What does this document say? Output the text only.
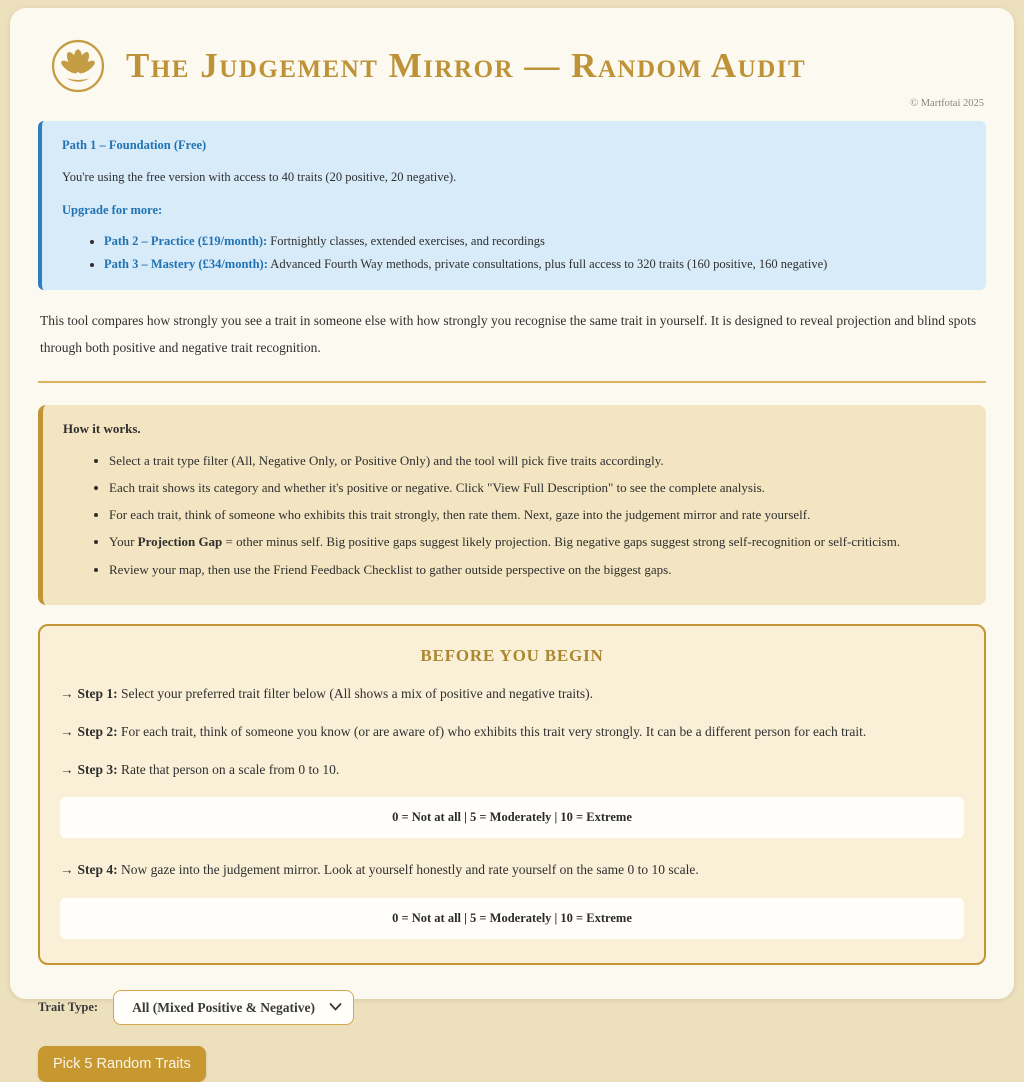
The Judgement Mirror — Random Audit
© Martfotai 2025
Path 1 – Foundation (Free)
You're using the free version with access to 40 traits (20 positive, 20 negative).
Upgrade for more:
• Path 2 – Practice (£19/month): Fortnightly classes, extended exercises, and recordings
• Path 3 – Mastery (£34/month): Advanced Fourth Way methods, private consultations, plus full access to 320 traits (160 positive, 160 negative)

This tool compares how strongly you see a trait in someone else with how strongly you recognise the same trait in yourself. It is designed to reveal projection and blind spots through both positive and negative trait recognition.

How it works.
• Select a trait type filter (All, Negative Only, or Positive Only) and the tool will pick five traits accordingly.
• Each trait shows its category and whether it's positive or negative. Click "View Full Description" to see the complete analysis.
• For each trait, think of someone who exhibits this trait strongly, then rate them. Next, gaze into the judgement mirror and rate yourself.
• Your Projection Gap = other minus self. Big positive gaps suggest likely projection. Big negative gaps suggest strong self-recognition or self-criticism.
• Review your map, then use the Friend Feedback Checklist to gather outside perspective on the biggest gaps.
BEFORE YOU BEGIN
→ Step 1: Select your preferred trait filter below (All shows a mix of positive and negative traits).
→ Step 2: For each trait, think of someone you know (or are aware of) who exhibits this trait very strongly. It can be a different person for each trait.
→ Step 3: Rate that person on a scale from 0 to 10.
0 = Not at all | 5 = Moderately | 10 = Extreme
→ Step 4: Now gaze into the judgement mirror. Look at yourself honestly and rate yourself on the same 0 to 10 scale.
0 = Not at all | 5 = Moderately | 10 = Extreme
Trait Type:
All (Mixed Positive & Negative)
Pick 5 Random Traits
